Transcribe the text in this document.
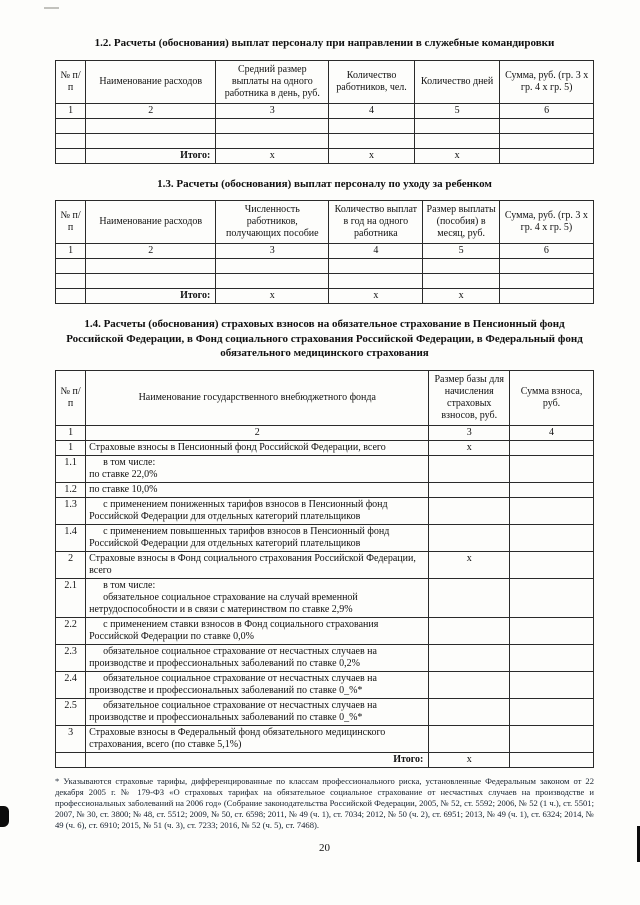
1.2. Расчеты (обоснования) выплат персоналу при направлении в служебные командировки
№ п/п	Наименование расходов	Средний размер выплаты на одного работника в день, руб.	Количество работников, чел.	Количество дней	Сумма, руб. (гр. 3 х гр. 4 х гр. 5)

1	2	3	4	5	6

	Итого:	х	х	х	

1.3. Расчеты (обоснования) выплат персоналу по уходу за ребенком
№ п/п	Наименование расходов	Численность работников, получающих пособие	Количество выплат в год на одного работника	Размер выплаты (пособия) в месяц, руб.	Сумма, руб. (гр. 3 х гр. 4 х гр. 5)

1	2	3	4	5	6

	Итого:	х	х	х	

1.4. Расчеты (обоснования) страховых взносов на обязательное страхование в Пенсионный фонд Российской Федерации, в Фонд социального страхования Российской Федерации, в Федеральный фонд обязательного медицинского страхования
№ п/п	Наименование государственного внебюджетного фонда	Размер базы для начисления страховых взносов, руб.	Сумма взноса, руб.

1	2	3	4

1	Страховые взносы в Пенсионный фонд Российской Федерации, всего	х	

1.1	в том числе:
по ставке 22,0%		

1.2	по ставке 10,0%		

1.3	с применением пониженных тарифов взносов в Пенсионный фонд Российской Федерации для отдельных категорий плательщиков		

1.4	с применением повышенных тарифов взносов в Пенсионный фонд Российской Федерации для отдельных категорий плательщиков		

2	Страховые взносы в Фонд социального страхования Российской Федерации, всего	х	

2.1	в том числе:
обязательное социальное страхование на случай временной нетрудоспособности и в связи с материнством по ставке 2,9%		

2.2	с применением ставки взносов в Фонд социального страхования Российской Федерации по ставке 0,0%		

2.3	обязательное социальное страхование от несчастных случаев на производстве и профессиональных заболеваний по ставке 0,2%		

2.4	обязательное социальное страхование от несчастных случаев на производстве и профессиональных заболеваний по ставке 0_%*		

2.5	обязательное социальное страхование от несчастных случаев на производстве и профессиональных заболеваний по ставке 0_%*		

3	Страховые взносы в Федеральный фонд обязательного медицинского страхования, всего (по ставке 5,1%)		

	Итого:	х	

* Указываются страховые тарифы, дифференцированные по классам профессионального риска, установленные Федеральным законом от 22 декабря 2005 г. № 179-ФЗ «О страховых тарифах на обязательное социальное страхование от несчастных случаев на производстве и профессиональных заболеваний на 2006 год» (Собрание законодательства Российской Федерации, 2005, № 52, ст. 5592; 2006, № 52 (1 ч.), ст. 5501; 2007, № 30, ст. 3800; № 48, ст. 5512; 2009, № 50, ст. 6598; 2011, № 49 (ч. 1), ст. 7034; 2012, № 50 (ч. 2), ст. 6951; 2013, № 49 (ч. 1), ст. 6324; 2014, № 49 (ч. 6), ст. 6910; 2015, № 51 (ч. 3), ст. 7233; 2016, № 52 (ч. 5), ст. 7468).
20
